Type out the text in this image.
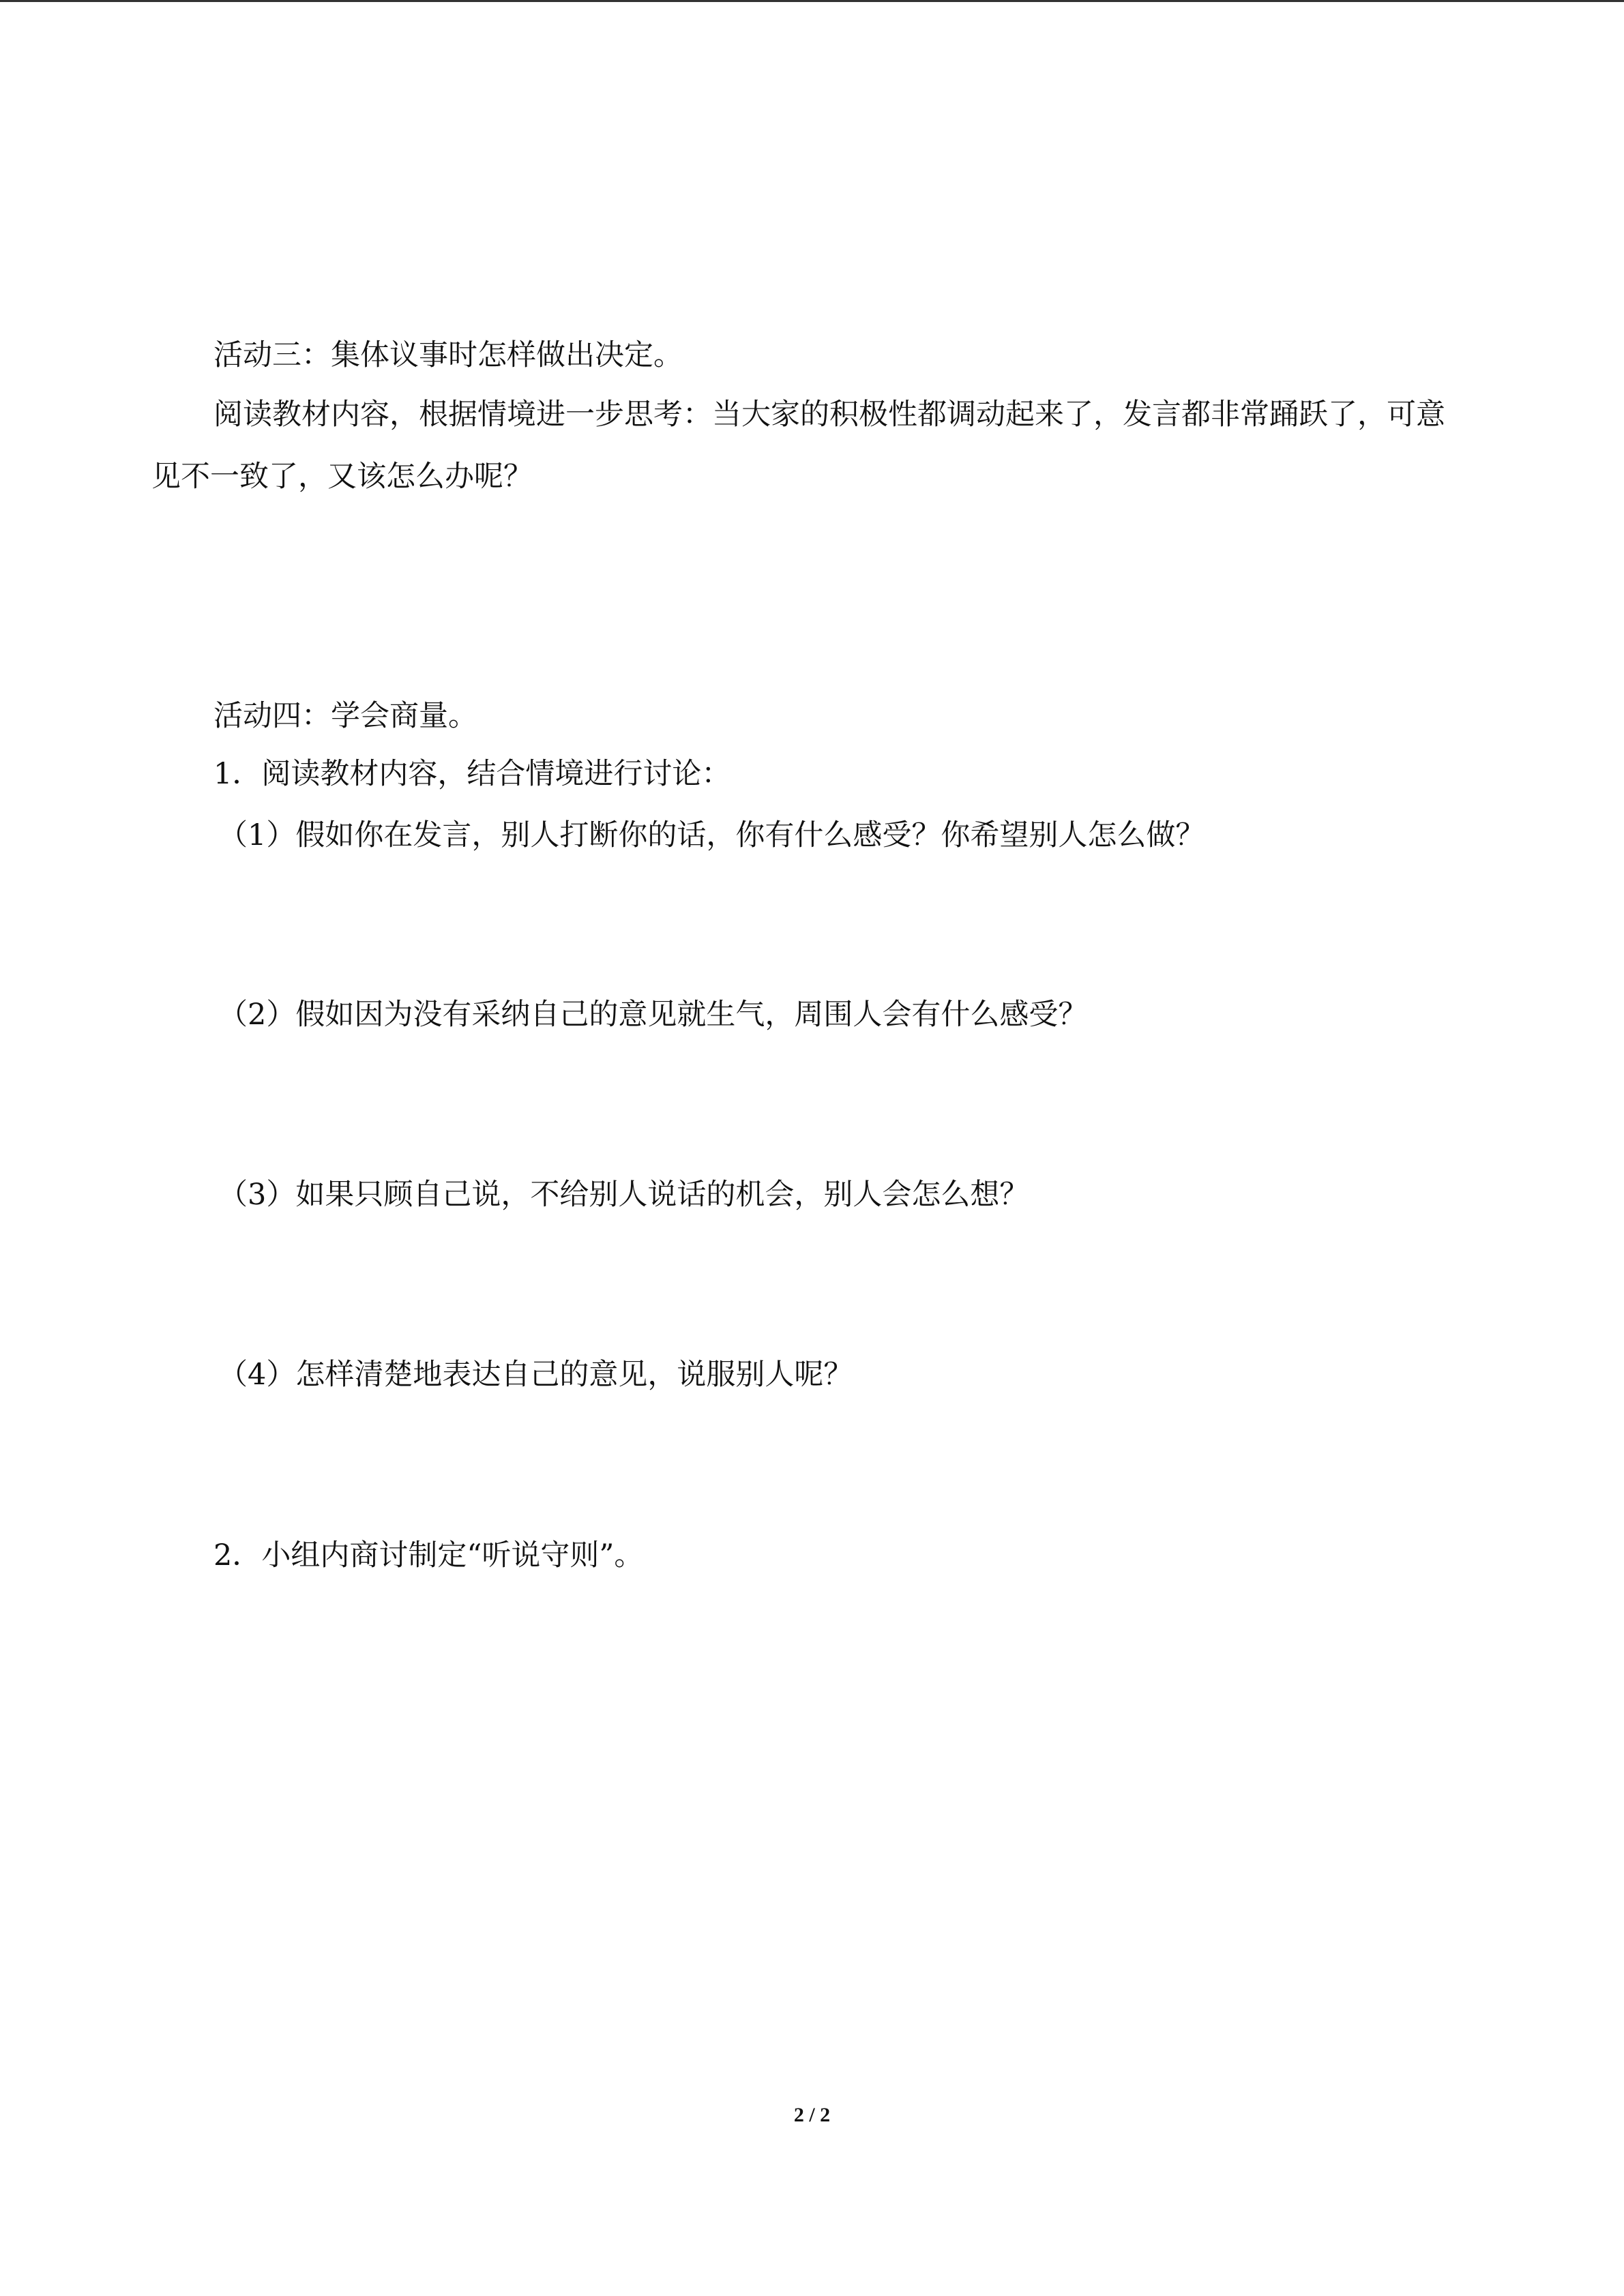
活动三：集体议事时怎样做出决定。

阅读教材内容，根据情境进一步思考：当大家的积极性都调动起来了，发言都非常踊跃了，可意见不一致了，又该怎么办呢？

活动四：学会商量。

1．阅读教材内容，结合情境进行讨论：

（1）假如你在发言，别人打断你的话，你有什么感受？你希望别人怎么做？

（2）假如因为没有采纳自己的意见就生气，周围人会有什么感受？

（3）如果只顾自己说，不给别人说话的机会，别人会怎么想？

（4）怎样清楚地表达自己的意见，说服别人呢？

2．小组内商讨制定“听说守则”。

2 / 2
